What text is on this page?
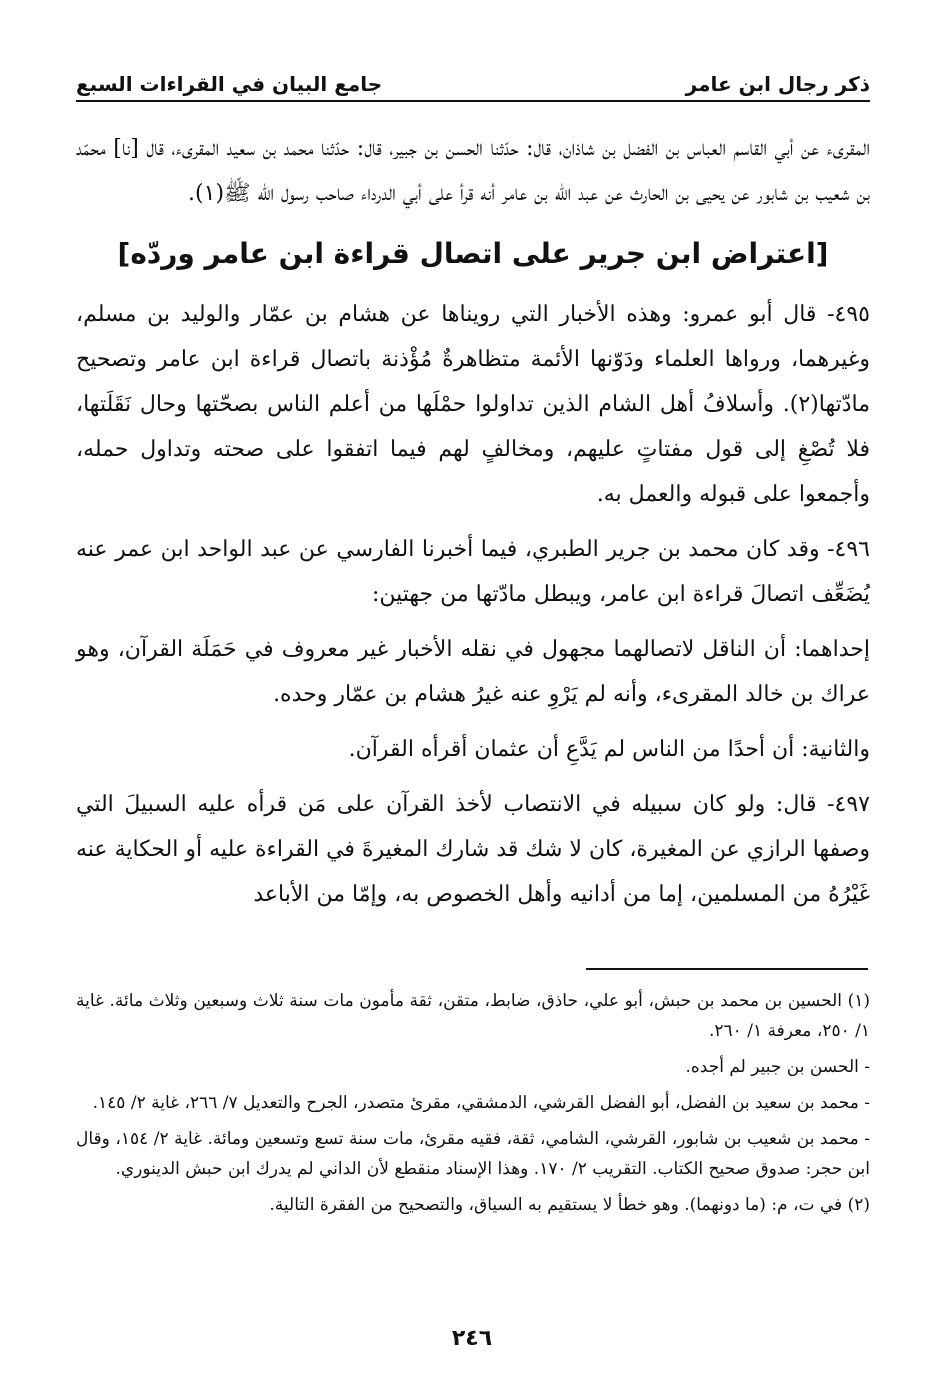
ذكر رجال ابن عامر
جامع البيان في القراءات السبع

المقرىء عن أبي القاسم العباس بن الفضل بن شاذان، قال: حدّثنا الحسن بن جبير، قال: حدّثنا محمد بن سعيد المقرىء، قال [نا] محمّد بن شعيب بن شابور عن يحيى بن الحارث عن عبد الله بن عامر أنه قرأ على أبي الدرداء صاحب رسول الله ﷺ(١).

[اعتراض ابن جرير على اتصال قراءة ابن عامر وردّه]

٤٩٥- قال أبو عمرو: وهذه الأخبار التي رويناها عن هشام بن عمّار والوليد بن مسلم، وغيرهما، ورواها العلماء ودَوّنها الأئمة متظاهرةٌ مُؤْذنة باتصال قراءة ابن عامر وتصحيح مادّتها(٢). وأسلافُ أهل الشام الذين تداولوا حمْلَها من أعلم الناس بصحّتها وحال نَقَلَتها، فلا تُصْغِ إلى قول مفتاتٍ عليهم، ومخالفٍ لهم فيما اتفقوا على صحته وتداول حمله، وأجمعوا على قبوله والعمل به.

٤٩٦- وقد كان محمد بن جرير الطبري، فيما أخبرنا الفارسي عن عبد الواحد ابن عمر عنه يُضَعِّف اتصالَ قراءة ابن عامر، ويبطل مادّتها من جهتين:

إحداهما: أن الناقل لاتصالهما مجهول في نقله الأخبار غير معروف في حَمَلَة القرآن، وهو عراك بن خالد المقرىء، وأنه لم يَرْوِ عنه غيرُ هشام بن عمّار وحده.

والثانية: أن أحدًا من الناس لم يَدَّعِ أن عثمان أقرأه القرآن.

٤٩٧- قال: ولو كان سبيله في الانتصاب لأخذ القرآن على مَن قرأه عليه السبيلَ التي وصفها الرازي عن المغيرة، كان لا شك قد شارك المغيرةَ في القراءة عليه أو الحكاية عنه غَيْرُهُ من المسلمين، إما من أدانيه وأهل الخصوص به، وإمّا من الأباعد

(١) الحسين بن محمد بن حبش، أبو علي، حاذق، ضابط، متقن، ثقة مأمون مات سنة ثلاث وسبعين وثلاث مائة. غاية ١/ ٢٥٠، معرفة ١/ ٢٦٠.

- الحسن بن جبير لم أجده.

- محمد بن سعيد بن الفضل، أبو الفضل القرشي، الدمشقي، مقرئ متصدر، الجرح والتعديل ٧/ ٢٦٦، غاية ٢/ ١٤٥.

- محمد بن شعيب بن شابور، القرشي، الشامي، ثقة، فقيه مقرئ، مات سنة تسع وتسعين ومائة. غاية ٢/ ١٥٤، وقال ابن حجر: صدوق صحيح الكتاب. التقريب ٢/ ١٧٠. وهذا الإسناد منقطع لأن الداني لم يدرك ابن حبش الدينوري.

(٢) في ت، م: (ما دونهما). وهو خطأ لا يستقيم به السياق، والتصحيح من الفقرة التالية.

٢٤٦
